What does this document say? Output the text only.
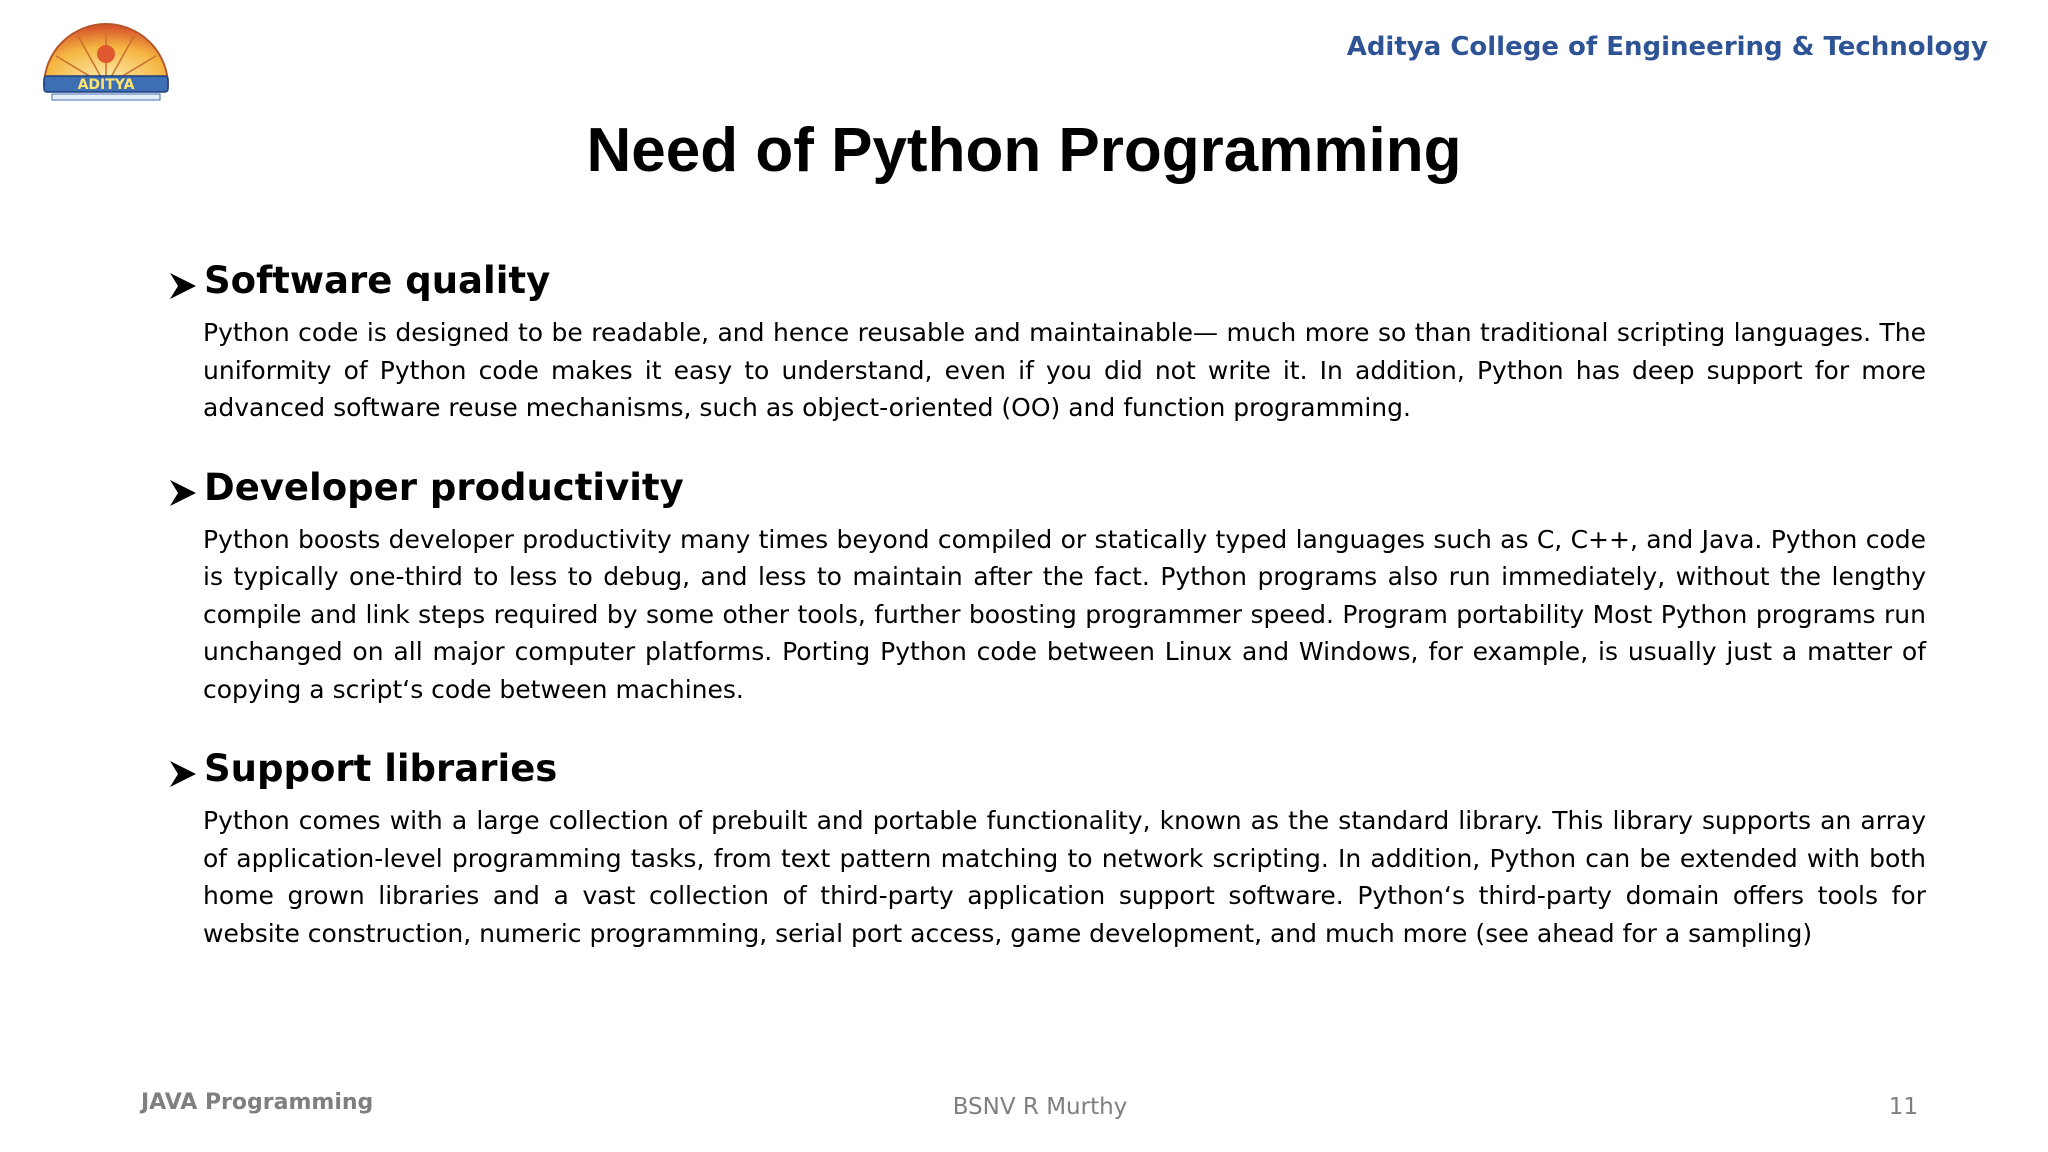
ADITYA
Aditya College of Engineering & Technology
Need of Python Programming
Software quality
Python code is designed to be readable, and hence reusable and maintainable— much more so than traditional scripting languages. The uniformity of Python code makes it easy to understand, even if you did not write it. In addition, Python has deep support for more advanced software reuse mechanisms, such as object-oriented (OO) and function programming.
Developer productivity
Python boosts developer productivity many times beyond compiled or statically typed languages such as C, C++, and Java. Python code is typically one-third to less to debug, and less to maintain after the fact. Python programs also run immediately, without the lengthy compile and link steps required by some other tools, further boosting programmer speed. Program portability Most Python programs run unchanged on all major computer platforms. Porting Python code between Linux and Windows, for example, is usually just a matter of copying a script‘s code between machines.
Support libraries
Python comes with a large collection of prebuilt and portable functionality, known as the standard library. This library supports an array of application-level programming tasks, from text pattern matching to network scripting. In addition, Python can be extended with both home grown libraries and a vast collection of third-party application support software. Python‘s third-party domain offers tools for website construction, numeric programming, serial port access, game development, and much more (see ahead for a sampling)
JAVA Programming	BSNV R Murthy	11
